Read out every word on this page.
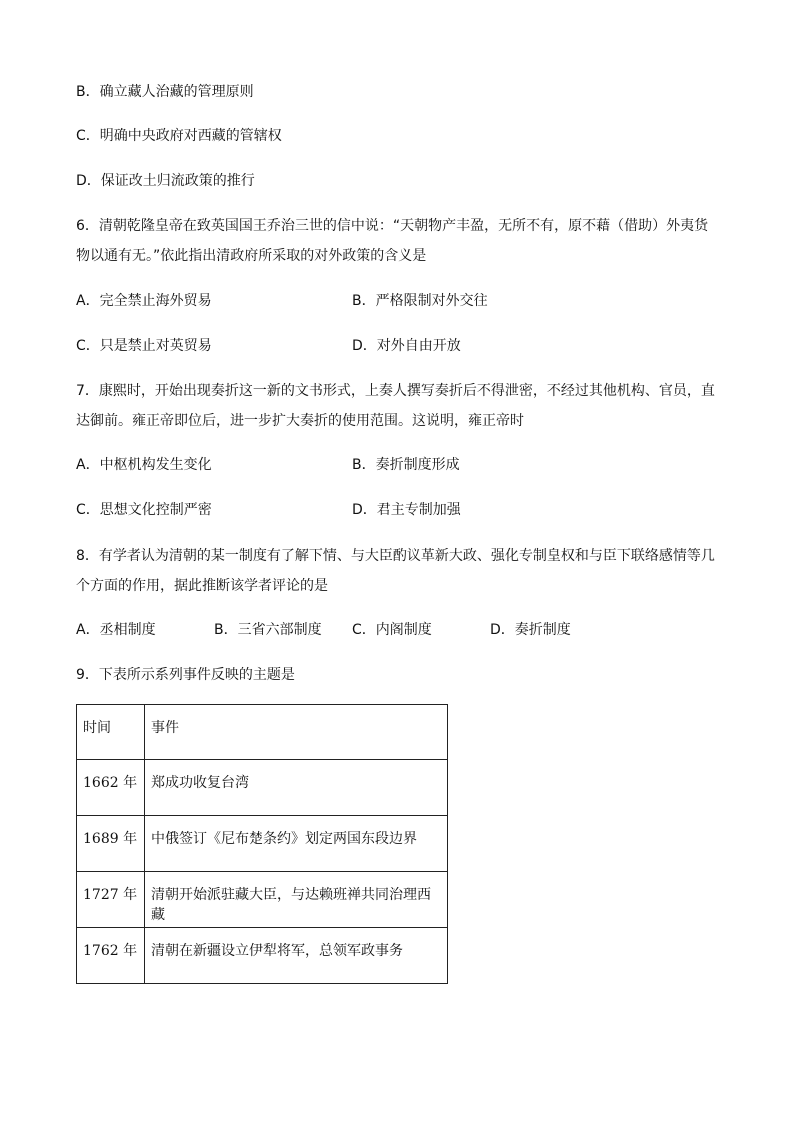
B．确立藏人治藏的管理原则
C．明确中央政府对西藏的管辖权
D．保证改土归流政策的推行
6．清朝乾隆皇帝在致英国国王乔治三世的信中说：“天朝物产丰盈，无所不有，原不藉（借助）外夷货
物以通有无。”依此指出清政府所采取的对外政策的含义是
A．完全禁止海外贸易	B．严格限制对外交往
C．只是禁止对英贸易	D．对外自由开放
7．康熙时，开始出现奏折这一新的文书形式，上奏人撰写奏折后不得泄密，不经过其他机构、官员，直
达御前。雍正帝即位后，进一步扩大奏折的使用范围。这说明，雍正帝时
A．中枢机构发生变化	B．奏折制度形成
C．思想文化控制严密	D．君主专制加强
8．有学者认为清朝的某一制度有了解下情、与大臣酌议革新大政、强化专制皇权和与臣下联络感情等几
个方面的作用，据此推断该学者评论的是
A．丞相制度	B．三省六部制度 C．内阁制度	D．奏折制度
9．下表所示系列事件反映的主题是
时间	事件
1662 年	郑成功收复台湾
1689 年	中俄签订《尼布楚条约》划定两国东段边界
1727 年	清朝开始派驻藏大臣，与达赖班禅共同治理西藏
1762 年	清朝在新疆设立伊犁将军，总领军政事务
